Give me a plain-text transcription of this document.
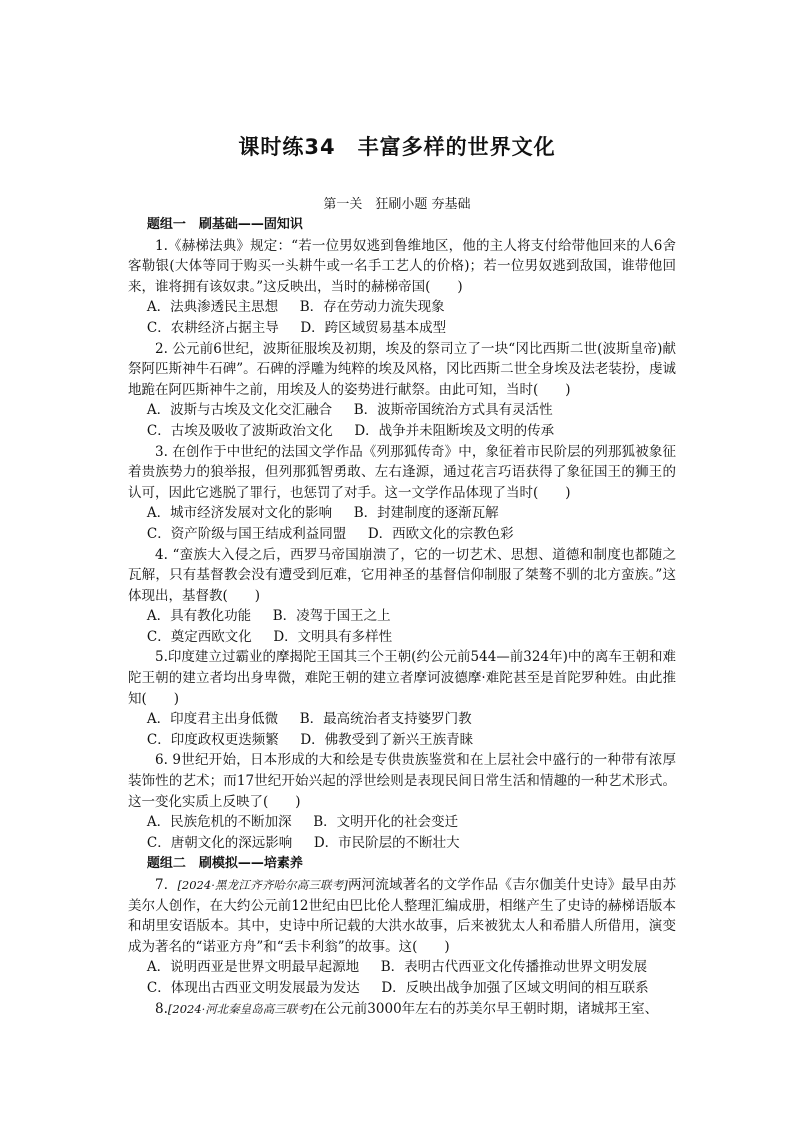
课时练34　丰富多样的世界文化
第一关　狂刷小题 夯基础

题组一　刷基础——固知识

1.《赫梯法典》规定：“若一位男奴逃到鲁维地区，他的主人将支付给带他回来的人6舍客勒银(大体等同于购买一头耕牛或一名手工艺人的价格)；若一位男奴逃到敌国，谁带他回来，谁将拥有该奴隶。”这反映出，当时的赫梯帝国(　　)

A．法典渗透民主思想 B．存在劳动力流失现象

C．农耕经济占据主导 D．跨区域贸易基本成型

2. 公元前6世纪，波斯征服埃及初期，埃及的祭司立了一块“冈比西斯二世(波斯皇帝)献祭阿匹斯神牛石碑”。石碑的浮雕为纯粹的埃及风格，冈比西斯二世全身埃及法老装扮，虔诚地跪在阿匹斯神牛之前，用埃及人的姿势进行献祭。由此可知，当时(　　)

A．波斯与古埃及文化交汇融合 B．波斯帝国统治方式具有灵活性

C．古埃及吸收了波斯政治文化 D．战争并未阻断埃及文明的传承

3. 在创作于中世纪的法国文学作品《列那狐传奇》中，象征着市民阶层的列那狐被象征着贵族势力的狼举报，但列那狐智勇敢、左右逢源，通过花言巧语获得了象征国王的狮王的认可，因此它逃脱了罪行，也惩罚了对手。这一文学作品体现了当时(　　)

A．城市经济发展对文化的影响 B．封建制度的逐渐瓦解

C．资产阶级与国王结成利益同盟 D．西欧文化的宗教色彩

4. “蛮族大入侵之后，西罗马帝国崩溃了，它的一切艺术、思想、道德和制度也都随之瓦解，只有基督教会没有遭受到厄难，它用神圣的基督信仰制服了桀骜不驯的北方蛮族。”这体现出，基督教(　　)

A．具有教化功能 B．凌驾于国王之上

C．奠定西欧文化 D．文明具有多样性

5.印度建立过霸业的摩揭陀王国其三个王朝(约公元前544—前324年)中的离车王朝和难陀王朝的建立者均出身卑微，难陀王朝的建立者摩诃波德摩·难陀甚至是首陀罗种姓。由此推知(　　)

A．印度君主出身低微 B．最高统治者支持婆罗门教

C．印度政权更迭频繁 D．佛教受到了新兴王族青睐

6. 9世纪开始，日本形成的大和绘是专供贵族鉴赏和在上层社会中盛行的一种带有浓厚装饰性的艺术；而17世纪开始兴起的浮世绘则是表现民间日常生活和情趣的一种艺术形式。这一变化实质上反映了(　　)

A．民族危机的不断加深 B．文明开化的社会变迁

C．唐朝文化的深远影响 D．市民阶层的不断壮大

题组二　刷模拟——培素养

7．[2024·黑龙江齐齐哈尔高三联考]两河流域著名的文学作品《吉尔伽美什史诗》最早由苏美尔人创作，在大约公元前12世纪由巴比伦人整理汇编成册，相继产生了史诗的赫梯语版本和胡里安语版本。其中，史诗中所记载的大洪水故事，后来被犹太人和希腊人所借用，演变成为著名的“诺亚方舟”和“丢卡利翁”的故事。这(　　)

A．说明西亚是世界文明最早起源地 B．表明古代西亚文化传播推动世界文明发展

C．体现出古西亚文明发展最为发达 D．反映出战争加强了区域文明间的相互联系

8.[2024·河北秦皇岛高三联考]在公元前3000年左右的苏美尔早王朝时期，诸城邦王室、
